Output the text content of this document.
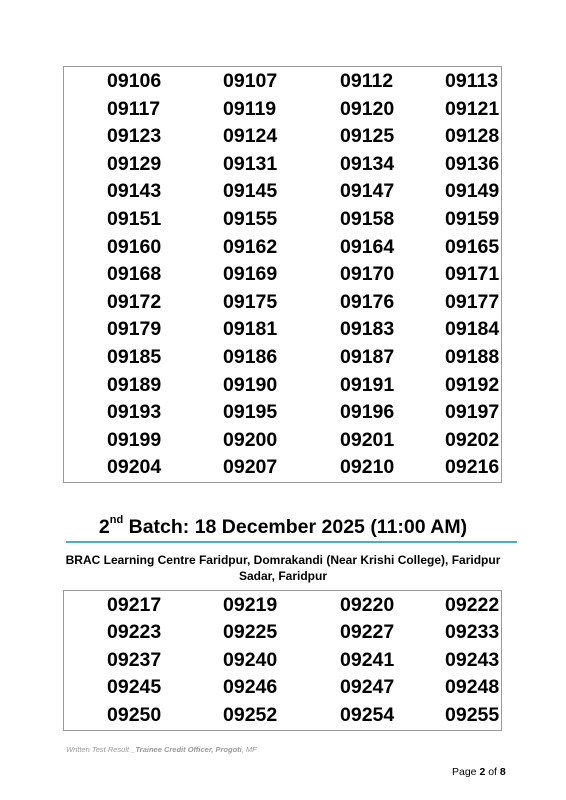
09106	09107	09112	09113
09117	09119	09120	09121
09123	09124	09125	09128
09129	09131	09134	09136
09143	09145	09147	09149
09151	09155	09158	09159
09160	09162	09164	09165
09168	09169	09170	09171
09172	09175	09176	09177
09179	09181	09183	09184
09185	09186	09187	09188
09189	09190	09191	09192
09193	09195	09196	09197
09199	09200	09201	09202
09204	09207	09210	09216
2nd Batch: 18 December 2025 (11:00 AM)
BRAC Learning Centre Faridpur, Domrakandi (Near Krishi College), Faridpur Sadar, Faridpur
09217	09219	09220	09222
09223	09225	09227	09233
09237	09240	09241	09243
09245	09246	09247	09248
09250	09252	09254	09255
Written Test Result _Trainee Credit Officer, Progoti, MF
Page 2 of 8
